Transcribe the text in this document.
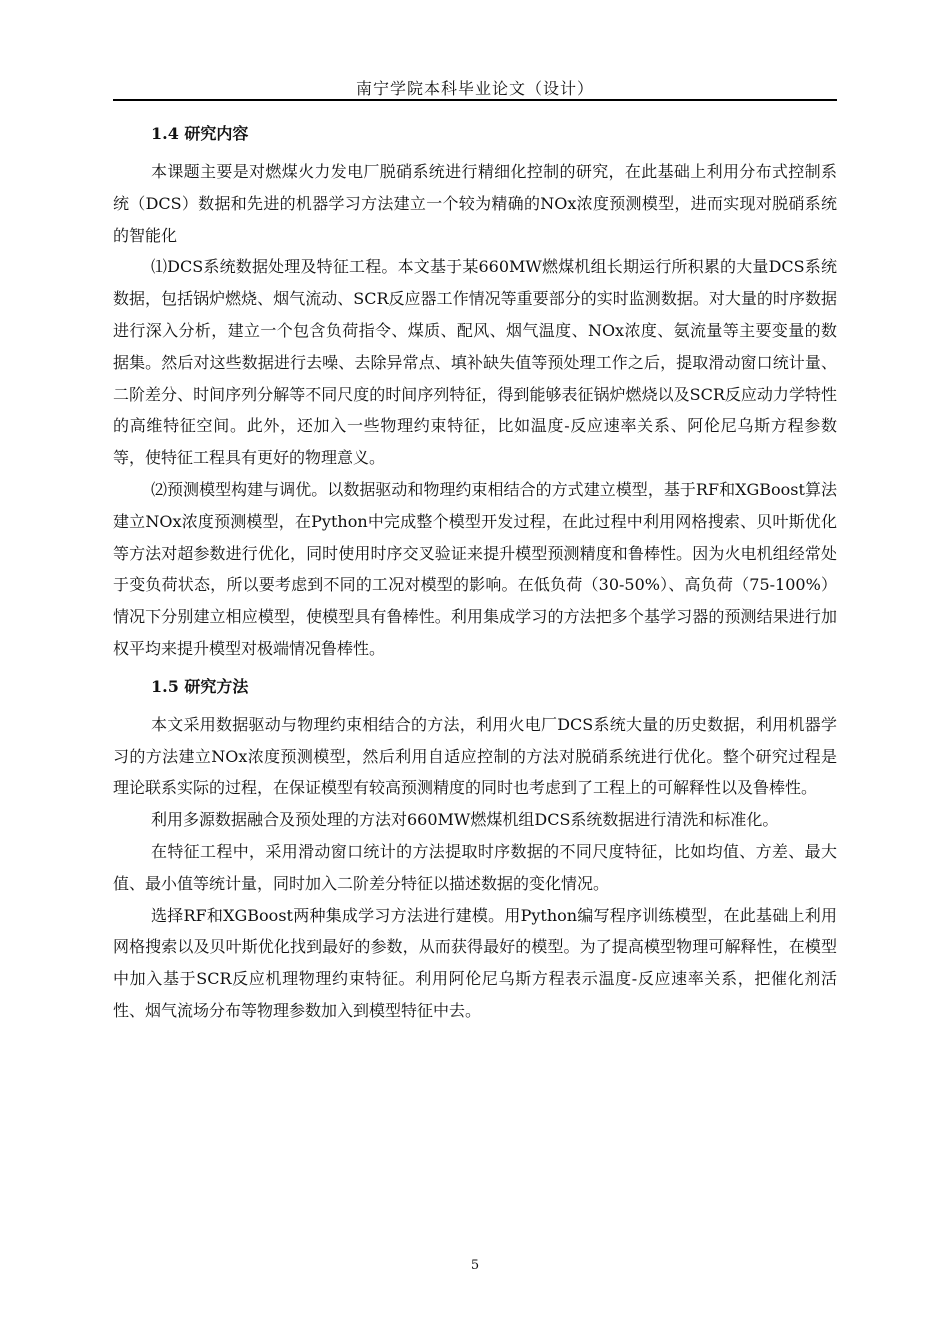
南宁学院本科毕业论文（设计）
1.4 研究内容

本课题主要是对燃煤火力发电厂脱硝系统进行精细化控制的研究，在此基础上利用分布式控制系统（DCS）数据和先进的机器学习方法建立一个较为精确的NOx浓度预测模型，进而实现对脱硝系统的智能化

⑴DCS系统数据处理及特征工程。本文基于某660MW燃煤机组长期运行所积累的大量DCS系统数据，包括锅炉燃烧、烟气流动、SCR反应器工作情况等重要部分的实时监测数据。对大量的时序数据进行深入分析，建立一个包含负荷指令、煤质、配风、烟气温度、NOx浓度、氨流量等主要变量的数据集。然后对这些数据进行去噪、去除异常点、填补缺失值等预处理工作之后，提取滑动窗口统计量、二阶差分、时间序列分解等不同尺度的时间序列特征，得到能够表征锅炉燃烧以及SCR反应动力学特性的高维特征空间。此外，还加入一些物理约束特征，比如温度-反应速率关系、阿伦尼乌斯方程参数等，使特征工程具有更好的物理意义。

⑵预测模型构建与调优。以数据驱动和物理约束相结合的方式建立模型，基于RF和XGBoost算法建立NOx浓度预测模型，在Python中完成整个模型开发过程，在此过程中利用网格搜索、贝叶斯优化等方法对超参数进行优化，同时使用时序交叉验证来提升模型预测精度和鲁棒性。因为火电机组经常处于变负荷状态，所以要考虑到不同的工况对模型的影响。在低负荷（30-50%）、高负荷（75-100%）情况下分别建立相应模型，使模型具有鲁棒性。利用集成学习的方法把多个基学习器的预测结果进行加权平均来提升模型对极端情况鲁棒性。

1.5 研究方法

本文采用数据驱动与物理约束相结合的方法，利用火电厂DCS系统大量的历史数据，利用机器学习的方法建立NOx浓度预测模型，然后利用自适应控制的方法对脱硝系统进行优化。整个研究过程是理论联系实际的过程，在保证模型有较高预测精度的同时也考虑到了工程上的可解释性以及鲁棒性。

利用多源数据融合及预处理的方法对660MW燃煤机组DCS系统数据进行清洗和标准化。

在特征工程中，采用滑动窗口统计的方法提取时序数据的不同尺度特征，比如均值、方差、最大值、最小值等统计量，同时加入二阶差分特征以描述数据的变化情况。

选择RF和XGBoost两种集成学习方法进行建模。用Python编写程序训练模型，在此基础上利用网格搜索以及贝叶斯优化找到最好的参数，从而获得最好的模型。为了提高模型物理可解释性，在模型中加入基于SCR反应机理物理约束特征。利用阿伦尼乌斯方程表示温度-反应速率关系，把催化剂活性、烟气流场分布等物理参数加入到模型特征中去。

5
